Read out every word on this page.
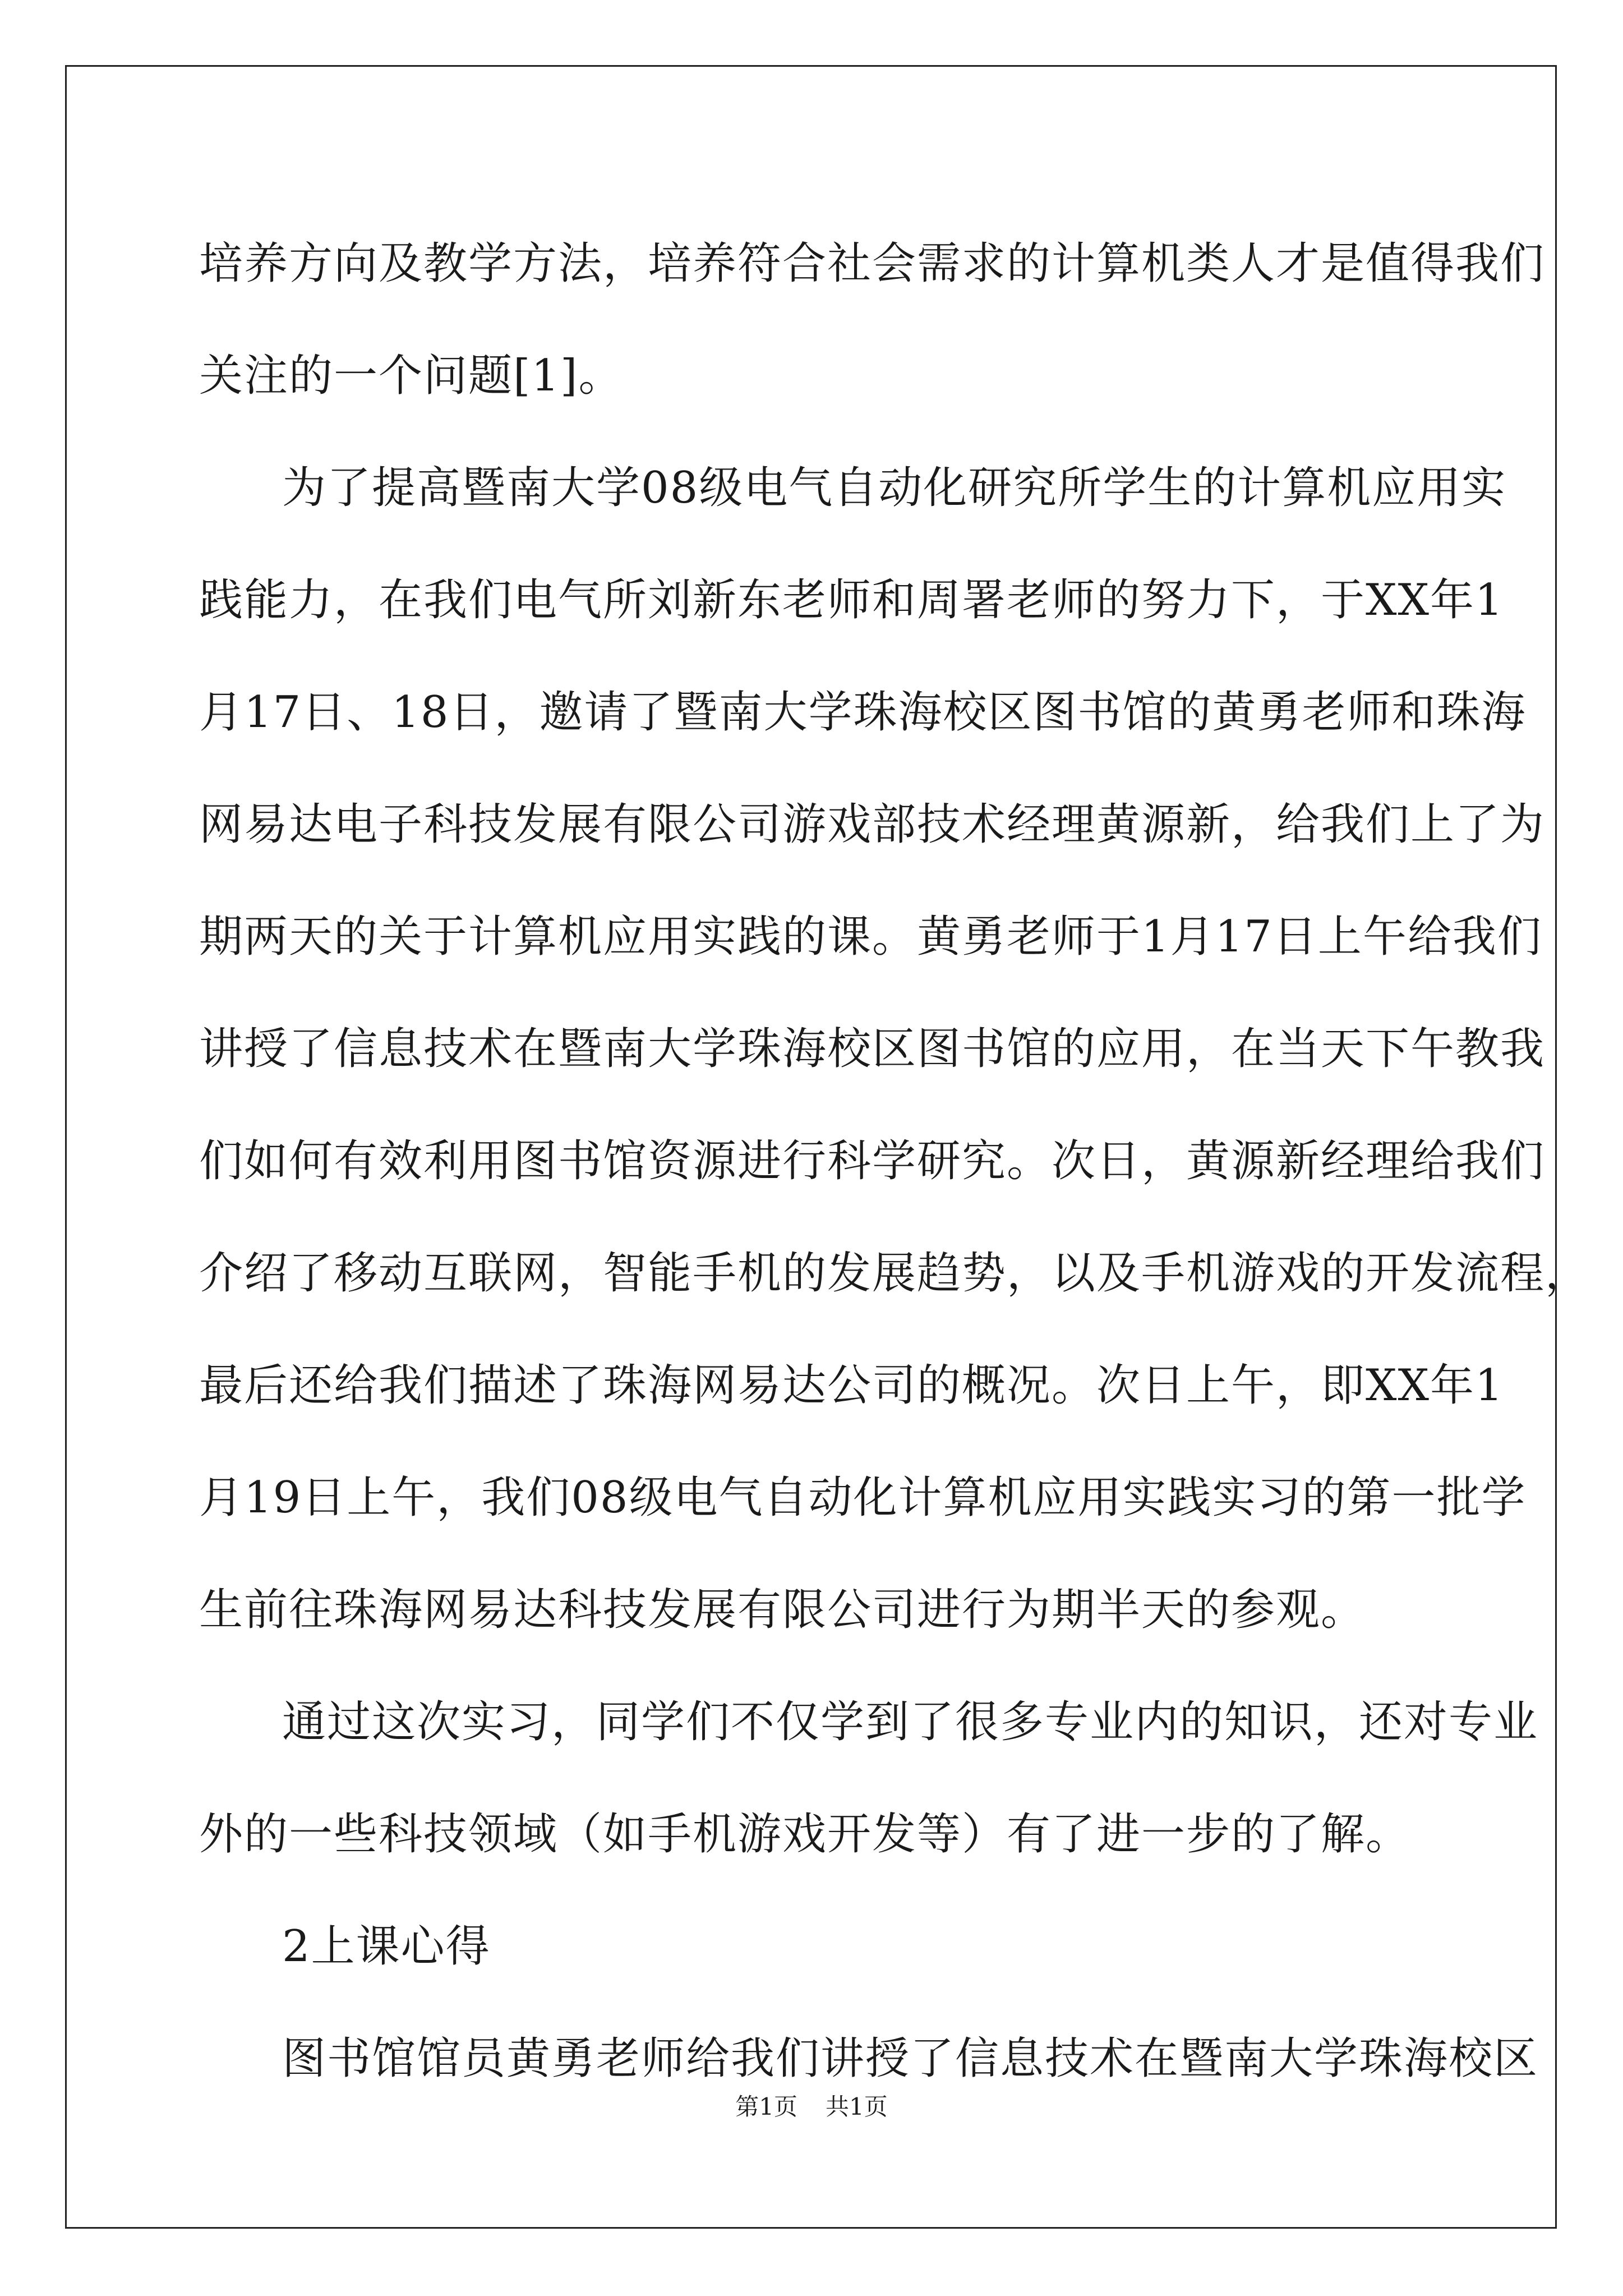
培养方向及教学方法，培养符合社会需求的计算机类人才是值得我们
关注的一个问题[1]。
为了提高暨南大学08级电气自动化研究所学生的计算机应用实
践能力，在我们电气所刘新东老师和周署老师的努力下，于XX年1
月17日、18日，邀请了暨南大学珠海校区图书馆的黄勇老师和珠海
网易达电子科技发展有限公司游戏部技术经理黄源新，给我们上了为
期两天的关于计算机应用实践的课。黄勇老师于1月17日上午给我们
讲授了信息技术在暨南大学珠海校区图书馆的应用，在当天下午教我
们如何有效利用图书馆资源进行科学研究。次日，黄源新经理给我们
介绍了移动互联网，智能手机的发展趋势，以及手机游戏的开发流程，
最后还给我们描述了珠海网易达公司的概况。次日上午，即XX年1
月19日上午，我们08级电气自动化计算机应用实践实习的第一批学
生前往珠海网易达科技发展有限公司进行为期半天的参观。
通过这次实习，同学们不仅学到了很多专业内的知识，还对专业
外的一些科技领域（如手机游戏开发等）有了进一步的了解。
2上课心得
图书馆馆员黄勇老师给我们讲授了信息技术在暨南大学珠海校区
第1页 共1页
